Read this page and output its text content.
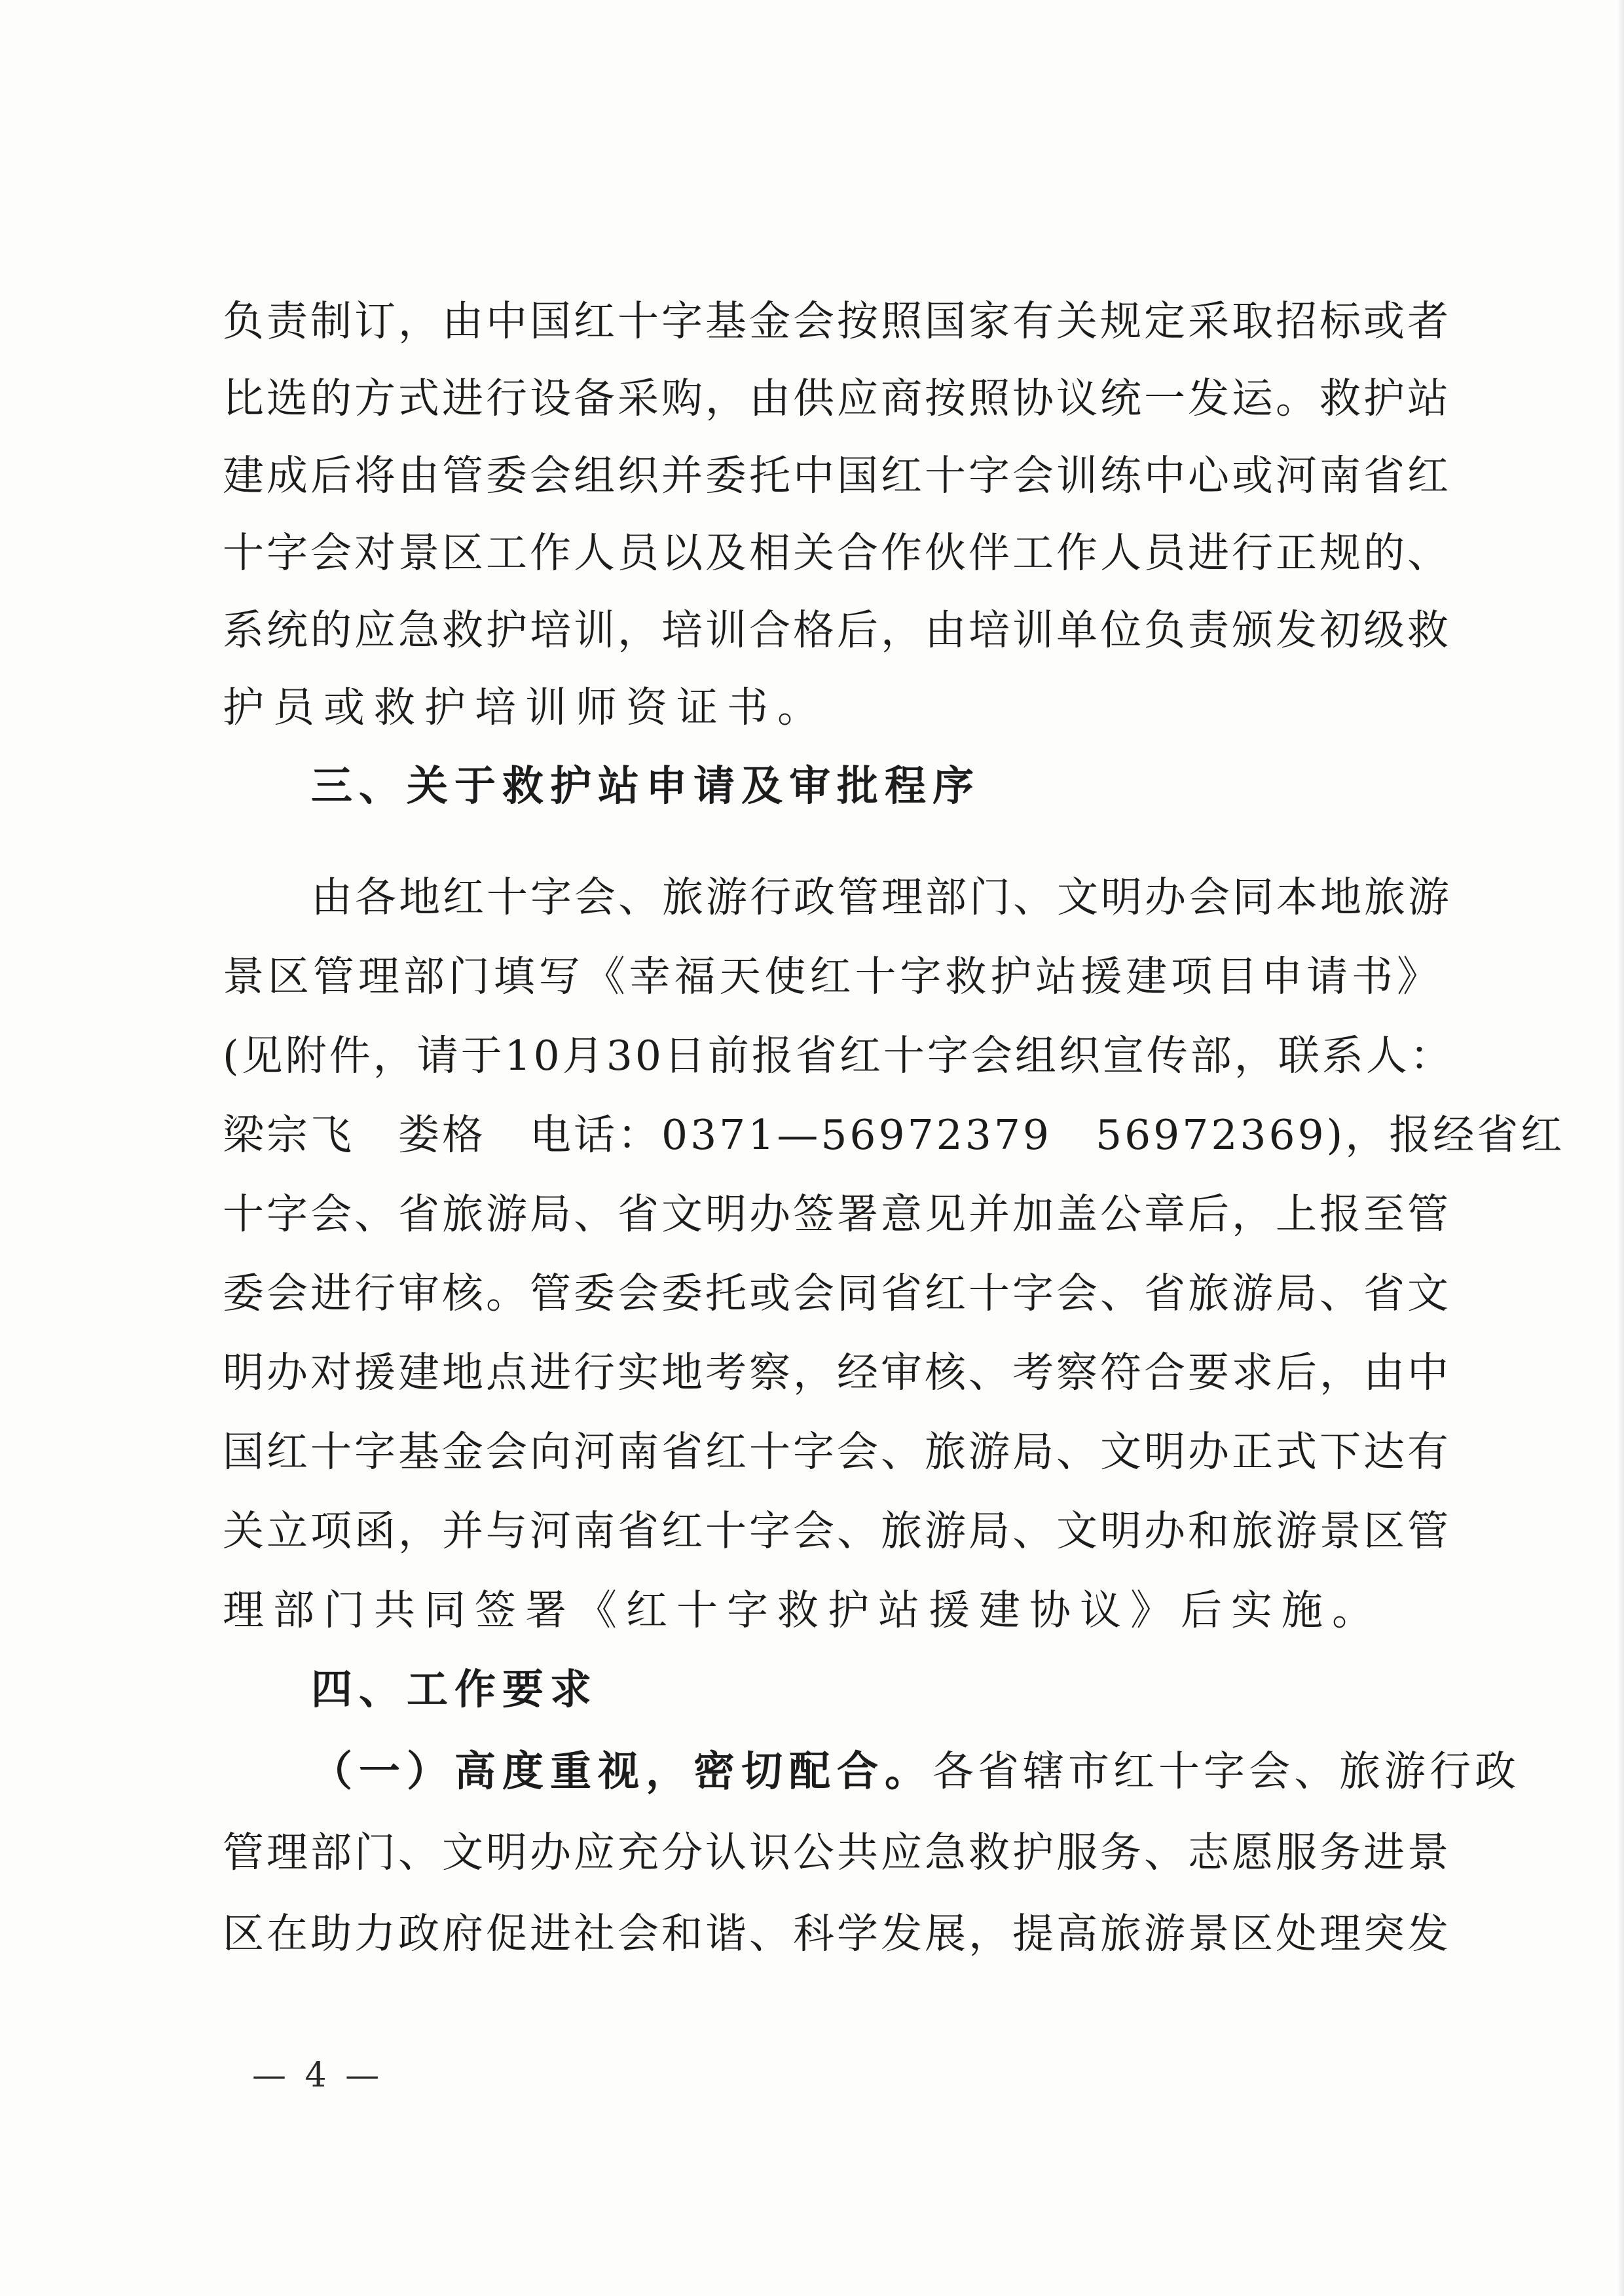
负责制订，由中国红十字基金会按照国家有关规定采取招标或者
比选的方式进行设备采购，由供应商按照协议统一发运。救护站
建成后将由管委会组织并委托中国红十字会训练中心或河南省红
十字会对景区工作人员以及相关合作伙伴工作人员进行正规的、
系统的应急救护培训，培训合格后，由培训单位负责颁发初级救
护员或救护培训师资证书。
三、关于救护站申请及审批程序
由各地红十字会、旅游行政管理部门、文明办会同本地旅游
景区管理部门填写《幸福天使红十字救护站援建项目申请书》
(见附件，请于10月30日前报省红十字会组织宣传部，联系人：
梁宗飞　娄格　电话：0371—56972379　56972369)，报经省红
十字会、省旅游局、省文明办签署意见并加盖公章后，上报至管
委会进行审核。管委会委托或会同省红十字会、省旅游局、省文
明办对援建地点进行实地考察，经审核、考察符合要求后，由中
国红十字基金会向河南省红十字会、旅游局、文明办正式下达有
关立项函，并与河南省红十字会、旅游局、文明办和旅游景区管
理部门共同签署《红十字救护站援建协议》后实施。
四、工作要求
（一）高度重视，密切配合。各省辖市红十字会、旅游行政
管理部门、文明办应充分认识公共应急救护服务、志愿服务进景
区在助力政府促进社会和谐、科学发展，提高旅游景区处理突发
— 4 —
